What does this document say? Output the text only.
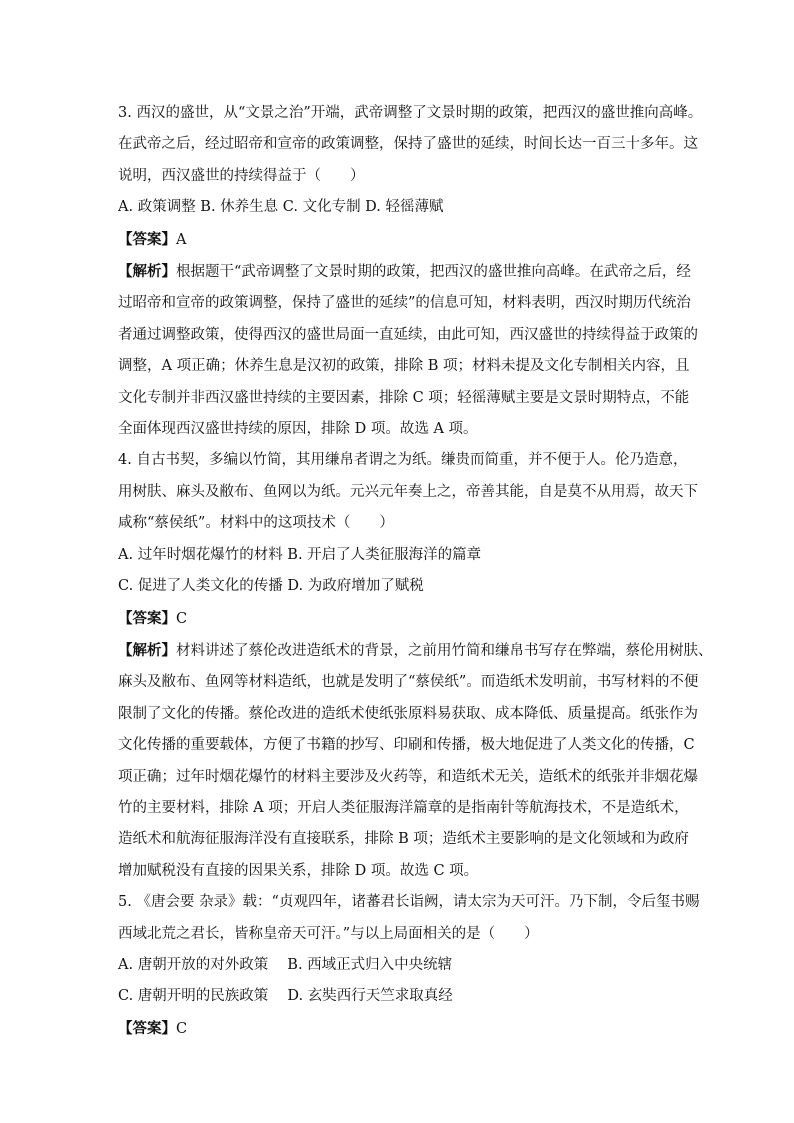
3. 西汉的盛世，从“文景之治”开端，武帝调整了文景时期的政策，把西汉的盛世推向高峰。
在武帝之后，经过昭帝和宣帝的政策调整，保持了盛世的延续，时间长达一百三十多年。这
说明，西汉盛世的持续得益于（　　）
A. 政策调整 B. 休养生息 C. 文化专制 D. 轻徭薄赋
【答案】A
【解析】根据题干“武帝调整了文景时期的政策，把西汉的盛世推向高峰。在武帝之后，经
过昭帝和宣帝的政策调整，保持了盛世的延续”的信息可知，材料表明，西汉时期历代统治
者通过调整政策，使得西汉的盛世局面一直延续，由此可知，西汉盛世的持续得益于政策的
调整，A 项正确；休养生息是汉初的政策，排除 B 项；材料未提及文化专制相关内容，且
文化专制并非西汉盛世持续的主要因素，排除 C 项；轻徭薄赋主要是文景时期特点，不能
全面体现西汉盛世持续的原因，排除 D 项。故选 A 项。
4. 自古书契，多编以竹简，其用缣帛者谓之为纸。缣贵而简重，并不便于人。伦乃造意，
用树肤、麻头及敝布、鱼网以为纸。元兴元年奏上之，帝善其能，自是莫不从用焉，故天下
咸称“蔡侯纸”。材料中的这项技术（　　）
A. 过年时烟花爆竹的材料 B. 开启了人类征服海洋的篇章
C. 促进了人类文化的传播 D. 为政府增加了赋税
【答案】C
【解析】材料讲述了蔡伦改进造纸术的背景，之前用竹简和缣帛书写存在弊端，蔡伦用树肤、
麻头及敝布、鱼网等材料造纸，也就是发明了“蔡侯纸”。而造纸术发明前，书写材料的不便
限制了文化的传播。蔡伦改进的造纸术使纸张原料易获取、成本降低、质量提高。纸张作为
文化传播的重要载体，方便了书籍的抄写、印刷和传播，极大地促进了人类文化的传播，C
项正确；过年时烟花爆竹的材料主要涉及火药等，和造纸术无关，造纸术的纸张并非烟花爆
竹的主要材料，排除 A 项；开启人类征服海洋篇章的是指南针等航海技术，不是造纸术，
造纸术和航海征服海洋没有直接联系，排除 B 项；造纸术主要影响的是文化领域和为政府
增加赋税没有直接的因果关系，排除 D 项。故选 C 项。
5. 《唐会要 杂录》载：“贞观四年，诸蕃君长诣阙，请太宗为天可汗。乃下制，令后玺书赐
西域北荒之君长，皆称皇帝天可汗。”与以上局面相关的是（　　）
A. 唐朝开放的对外政策　 B. 西域正式归入中央统辖
C. 唐朝开明的民族政策　 D. 玄奘西行天竺求取真经
【答案】C
